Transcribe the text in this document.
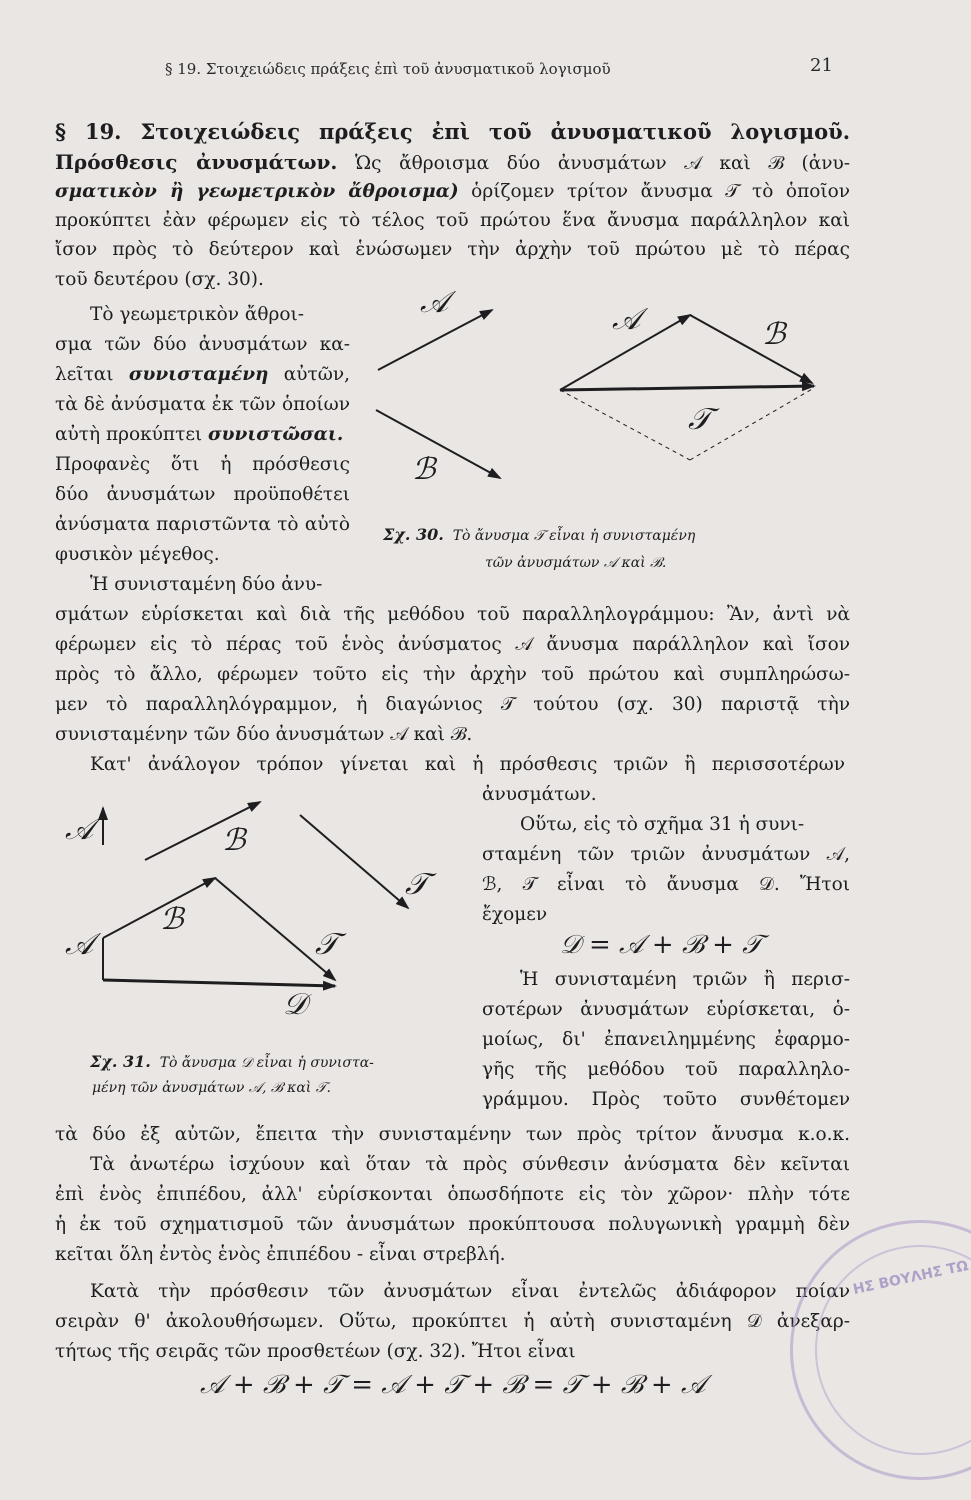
§ 19. Στοιχειώδεις πράξεις ἐπὶ τοῦ ἀνυσματικοῦ λογισμοῦ	21
§ 19. Στοιχειώδεις πράξεις ἐπὶ τοῦ ἀνυσματικοῦ λογισμοῦ.
Πρόσθεσις ἀνυσμάτων. Ὡς ἄθροισμα δύο ἀνυσμάτων 𝒜 καὶ ℬ (ἀνυ-
σματικὸν ἢ γεωμετρικὸν ἄθροισμα) ὁρίζομεν τρίτον ἄνυσμα 𝒯 τὸ ὁποῖον
προκύπτει ἐὰν φέρωμεν εἰς τὸ τέλος τοῦ πρώτου ἕνα ἄνυσμα παράλληλον καὶ
ἴσον πρὸς τὸ δεύτερον καὶ ἑνώσωμεν τὴν ἀρχὴν τοῦ πρώτου μὲ τὸ πέρας
τοῦ δευτέρου (σχ. 30).
Τὸ γεωμετρικὸν ἄθροι-
σμα τῶν δύο ἀνυσμάτων κα-
λεῖται συνισταμένη αὐτῶν,
τὰ δὲ ἀνύσματα ἐκ τῶν ὁποίων
αὐτὴ προκύπτει συνιστῶσαι.
Προφανὲς ὅτι ἡ πρόσθεσις
δύο ἀνυσμάτων προϋποθέτει
ἀνύσματα παριστῶντα τὸ αὐτὸ
φυσικὸν μέγεθος.
Ἡ συνισταμένη δύο ἀνυ-
𝒜
ℬ
𝒜	ℬ
𝒯
Σχ. 30. Τὸ ἄνυσμα 𝒯 εἶναι ἡ συνισταμένη
τῶν ἀνυσμάτων 𝒜 καὶ ℬ.
σμάτων εὑρίσκεται καὶ διὰ τῆς μεθόδου τοῦ παραλληλογράμμου: Ἂν, ἀντὶ νὰ
φέρωμεν εἰς τὸ πέρας τοῦ ἑνὸς ἀνύσματος 𝒜 ἄνυσμα παράλληλον καὶ ἴσον
πρὸς τὸ ἄλλο, φέρωμεν τοῦτο εἰς τὴν ἀρχὴν τοῦ πρώτου καὶ συμπληρώσω-
μεν τὸ παραλληλόγραμμον, ἡ διαγώνιος 𝒯 τούτου (σχ. 30) παριστᾷ τὴν
συνισταμένην τῶν δύο ἀνυσμάτων 𝒜 καὶ ℬ.
Κατ' ἀνάλογον τρόπον γίνεται καὶ ἡ πρόσθεσις τριῶν ἢ περισσοτέρων
ἀνυσμάτων.
𝒜	ℬ
𝒯
𝒜
ℬ
𝒯
𝒟
Σχ. 31. Τὸ ἄνυσμα 𝒟 εἶναι ἡ συνιστα-
μένη τῶν ἀνυσμάτων 𝒜, ℬ καὶ 𝒯.
Οὕτω, εἰς τὸ σχῆμα 31 ἡ συνι-
σταμένη τῶν τριῶν ἀνυσμάτων 𝒜,
ℬ, 𝒯 εἶναι τὸ ἄνυσμα 𝒟. Ἤτοι
ἔχομεν
𝒟 = 𝒜 + ℬ + 𝒯
Ἡ συνισταμένη τριῶν ἢ περισ-
σοτέρων ἀνυσμάτων εὑρίσκεται, ὁ-
μοίως, δι' ἐπανειλημμένης ἐφαρμο-
γῆς τῆς μεθόδου τοῦ παραλληλο-
γράμμου. Πρὸς τοῦτο συνθέτομεν
τὰ δύο ἐξ αὐτῶν, ἔπειτα τὴν συνισταμένην των πρὸς τρίτον ἄνυσμα κ.ο.κ.
Τὰ ἀνωτέρω ἰσχύουν καὶ ὅταν τὰ πρὸς σύνθεσιν ἀνύσματα δὲν κεῖνται
ἐπὶ ἑνὸς ἐπιπέδου, ἀλλ' εὑρίσκονται ὁπωσδήποτε εἰς τὸν χῶρον· πλὴν τότε
ἡ ἐκ τοῦ σχηματισμοῦ τῶν ἀνυσμάτων προκύπτουσα πολυγωνικὴ γραμμὴ δὲν
κεῖται ὅλη ἐντὸς ἑνὸς ἐπιπέδου - εἶναι στρεβλή.
Κατὰ τὴν πρόσθεσιν τῶν ἀνυσμάτων εἶναι ἐντελῶς ἀδιάφορον ποίαν
σειρὰν θ' ἀκολουθήσωμεν. Οὕτω, προκύπτει ἡ αὐτὴ συνισταμένη 𝒟 ἀνεξαρ-
τήτως τῆς σειρᾶς τῶν προσθετέων (σχ. 32). Ἤτοι εἶναι
𝒜 + ℬ + 𝒯 = 𝒜 + 𝒯 + ℬ = 𝒯 + ℬ + 𝒜
ΗΣ ΒΟΥΛΗΣ ΤΩ
